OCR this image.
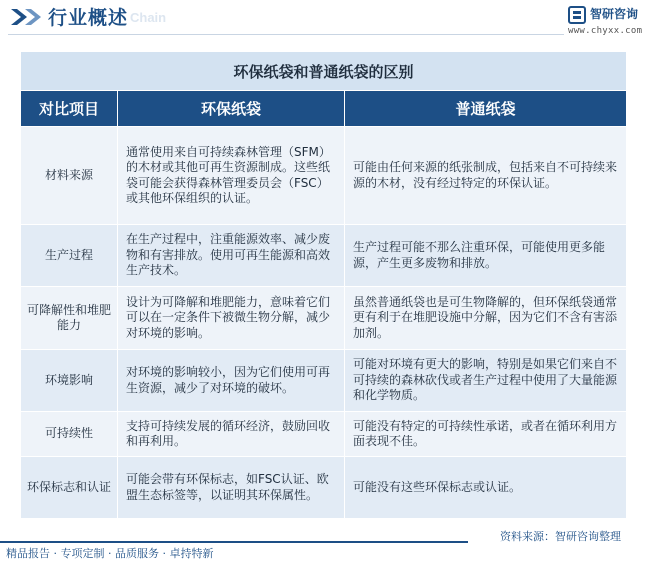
行业概述 Chain	智研咨询
www.chyxx.com
环保纸袋和普通纸袋的区别		
对比项目	环保纸袋	普通纸袋
材料来源	通常使用来自可持续森林管理（SFM）的木材或其他可再生资源制成。这些纸袋可能会获得森林管理委员会（FSC）或其他环保组织的认证。	可能由任何来源的纸张制成，包括来自不可持续来源的木材，没有经过特定的环保认证。
生产过程	在生产过程中，注重能源效率、减少废物和有害排放。使用可再生能源和高效生产技术。	生产过程可能不那么注重环保，可能使用更多能源，产生更多废物和排放。
可降解性和堆肥能力	设计为可降解和堆肥能力，意味着它们可以在一定条件下被微生物分解，减少对环境的影响。	虽然普通纸袋也是可生物降解的，但环保纸袋通常更有利于在堆肥设施中分解，因为它们不含有害添加剂。
环境影响	对环境的影响较小，因为它们使用可再生资源，减少了对环境的破坏。	可能对环境有更大的影响，特别是如果它们来自不可持续的森林砍伐或者生产过程中使用了大量能源和化学物质。
可持续性	支持可持续发展的循环经济，鼓励回收和再利用。	可能没有特定的可持续性承诺，或者在循环利用方面表现不佳。
环保标志和认证	可能会带有环保标志，如FSC认证、欧盟生态标签等，以证明其环保属性。	可能没有这些环保标志或认证。
资料来源：智研咨询整理
精品报告 · 专项定制 · 品质服务 · 卓持特新
